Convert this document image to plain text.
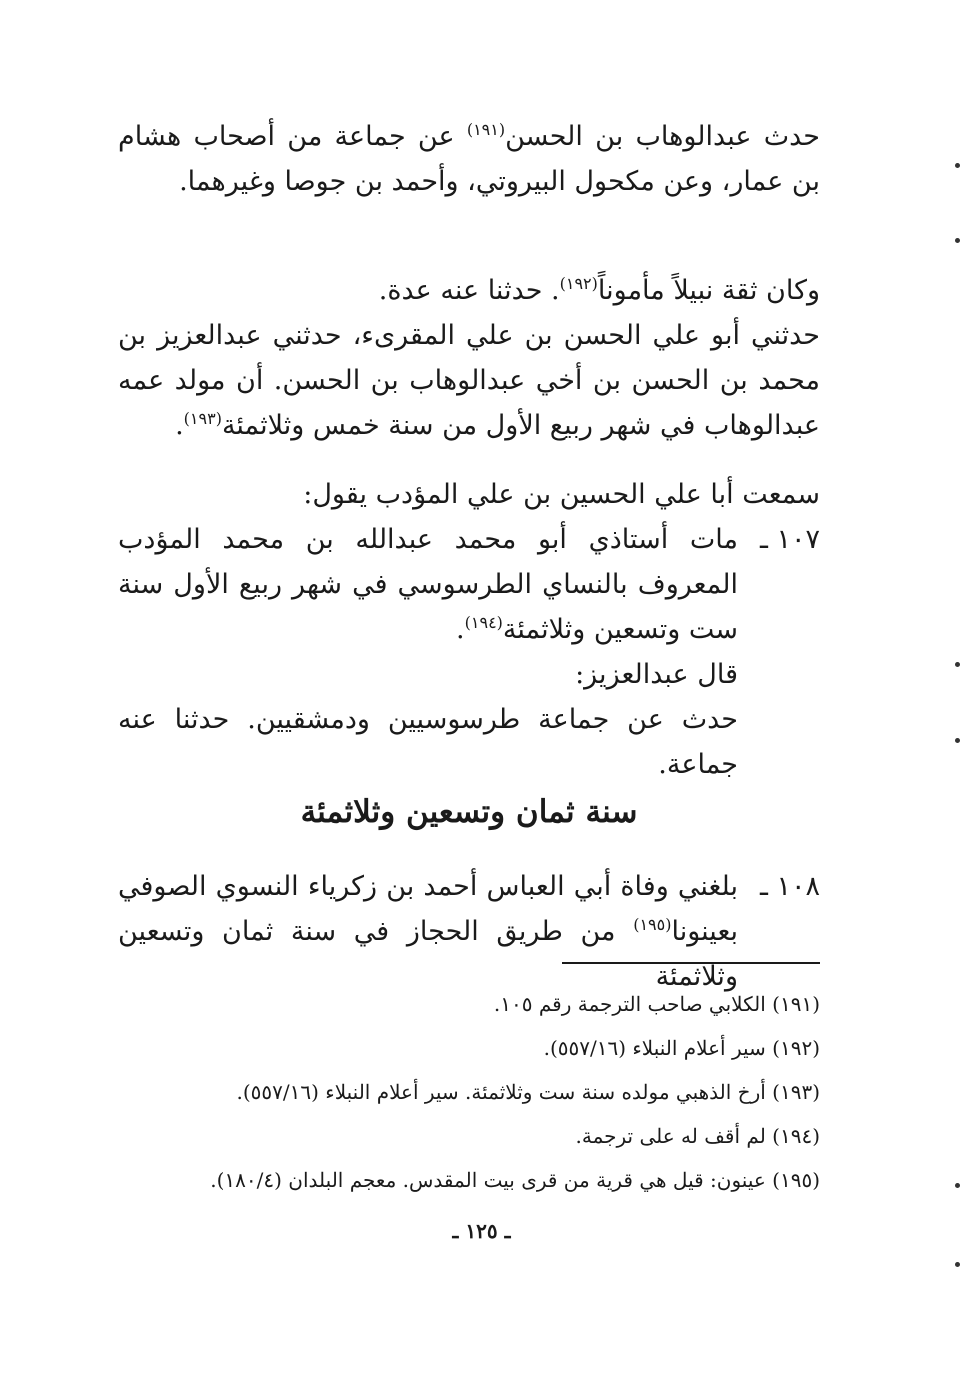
حدث عبدالوهاب بن الحسن$^{(١٩١)}$ عن جماعة من أصحاب هشام بن عمار، وعن مكحول البيروتي، وأحمد بن جوصا وغيرهما.

وكان ثقة نبيلاً مأموناً$^{(١٩٢)}$. حدثنا عنه عدة.

حدثني أبو علي الحسن بن علي المقرىء، حدثني عبدالعزيز بن محمد بن الحسن بن أخي عبدالوهاب بن الحسن. أن مولد عمه عبدالوهاب في شهر ربيع الأول من سنة خمس وثلاثمئة$^{(١٩٣)}$.

سمعت أبا علي الحسين بن علي المؤدب يقول:

١٠٧ ـ

مات أستاذي أبو محمد عبدالله بن محمد المؤدب المعروف بالنساي الطرسوسي في شهر ربيع الأول سنة ست وتسعين وثلاثمئة$^{(١٩٤)}$.

قال عبدالعزيز:

حدث عن جماعة طرسوسيين ودمشقيين. حدثنا عنه جماعة.

سنة ثمان وتسعين وثلاثمئة
١٠٨ ـ

بلغني وفاة أبي العباس أحمد بن زكرياء النسوي الصوفي بعينونا$^{(١٩٥)}$ من طريق الحجاز في سنة ثمان وتسعين وثلاثمئة

(١٩١) الكلابي صاحب الترجمة رقم ١٠٥.

(١٩٢) سير أعلام النبلاء (٥٥٧/١٦).

(١٩٣) أرخ الذهبي مولده سنة ست وثلاثمئة. سير أعلام النبلاء (٥٥٧/١٦).

(١٩٤) لم أقف له على ترجمة.

(١٩٥) عينون: قيل هي قرية من قرى بيت المقدس. معجم البلدان (١٨٠/٤).

ـ ١٢٥ ـ
